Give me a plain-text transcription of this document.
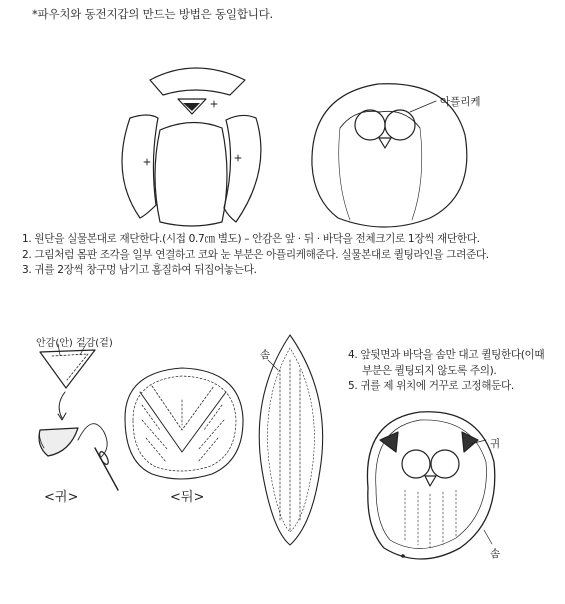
*파우치와 동전지갑의 만드는 방법은 동일합니다.
아플리케
안감(안) 겉감(겉)
솜
귀
솜
<귀>	<뒤>
1. 원단을 실물본대로 재단한다.(시접 0.7㎝ 별도) – 안감은 앞 · 뒤 · 바닥을 전체크기로 1장씩 재단한다.
2. 그림처럼 몸판 조각을 일부 연결하고 코와 눈 부분은 아플리케해준다. 실물본대로 퀼팅라인을 그려준다.
3. 귀를 2장씩 창구멍 남기고 홈질하여 뒤집어놓는다.
4. 앞뒷면과 바닥을 솜만 대고 퀼팅한다(이때
부분은 퀼팅되지 않도록 주의).
5. 귀를 제 위치에 거꾸로 고정해둔다.
